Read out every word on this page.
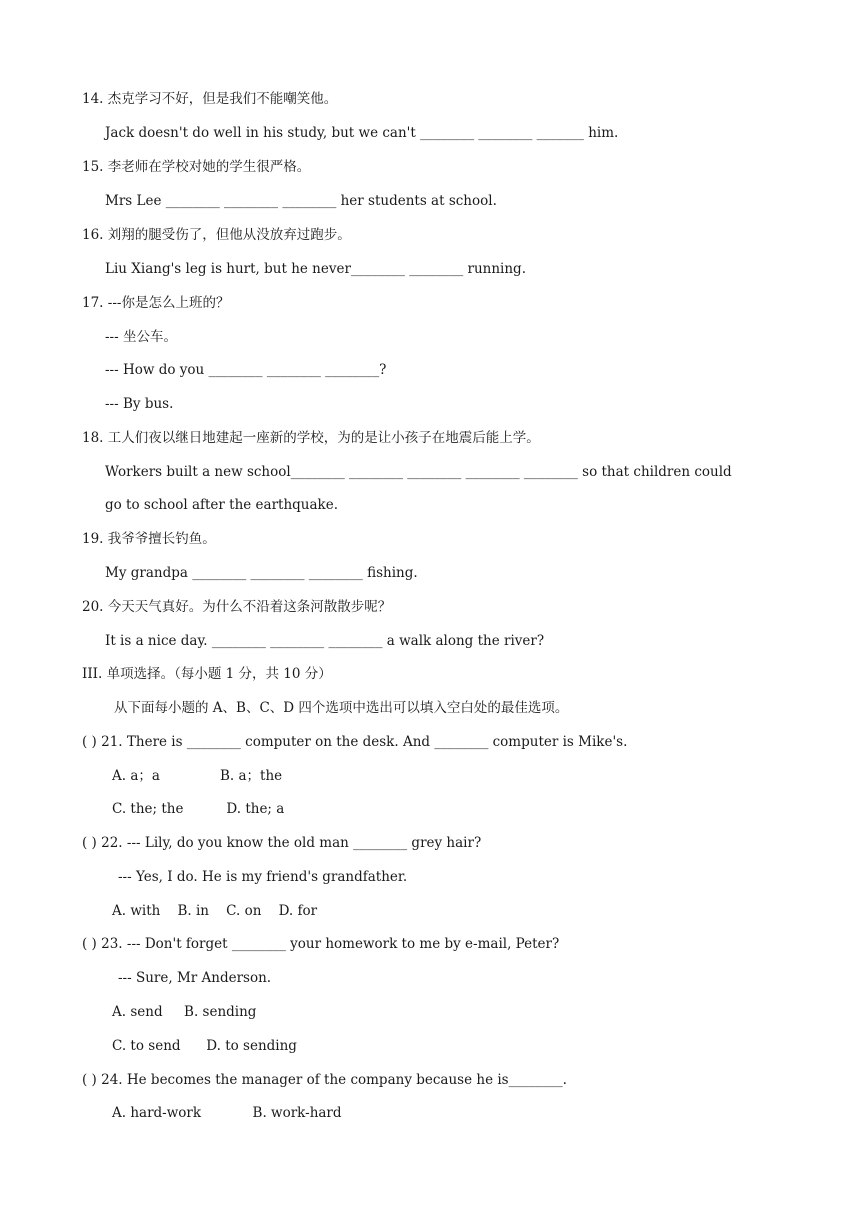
14. 杰克学习不好，但是我们不能嘲笑他。
Jack doesn't do well in his study, but we can't ________ ________ _______ him.
15. 李老师在学校对她的学生很严格。
Mrs Lee ________ ________ ________ her students at school.
16. 刘翔的腿受伤了，但他从没放弃过跑步。
Liu Xiang's leg is hurt, but he never________ ________ running.
17. ---你是怎么上班的？
--- 坐公车。
--- How do you ________ ________ ________?
--- By bus.
18. 工人们夜以继日地建起一座新的学校，为的是让小孩子在地震后能上学。
Workers built a new school________ ________ ________ ________ ________ so that children could
go to school after the earthquake.
19. 我爷爷擅长钓鱼。
My grandpa ________ ________ ________ fishing.
20. 今天天气真好。为什么不沿着这条河散散步呢？
It is a nice day. ________ ________ ________ a walk along the river?
III. 单项选择。（每小题 1 分，共 10 分）
从下面每小题的 A、B、C、D 四个选项中选出可以填入空白处的最佳选项。
( ) 21. There is ________ computer on the desk. And ________ computer is Mike's.
A. a；a              B. a；the
C. the; the          D. the; a
( ) 22. --- Lily, do you know the old man ________ grey hair?
--- Yes, I do. He is my friend's grandfather.
A. with    B. in    C. on    D. for
( ) 23. --- Don't forget ________ your homework to me by e-mail, Peter?
--- Sure, Mr Anderson.
A. send     B. sending
C. to send      D. to sending
( ) 24. He becomes the manager of the company because he is________.
A. hard-work            B. work-hard
